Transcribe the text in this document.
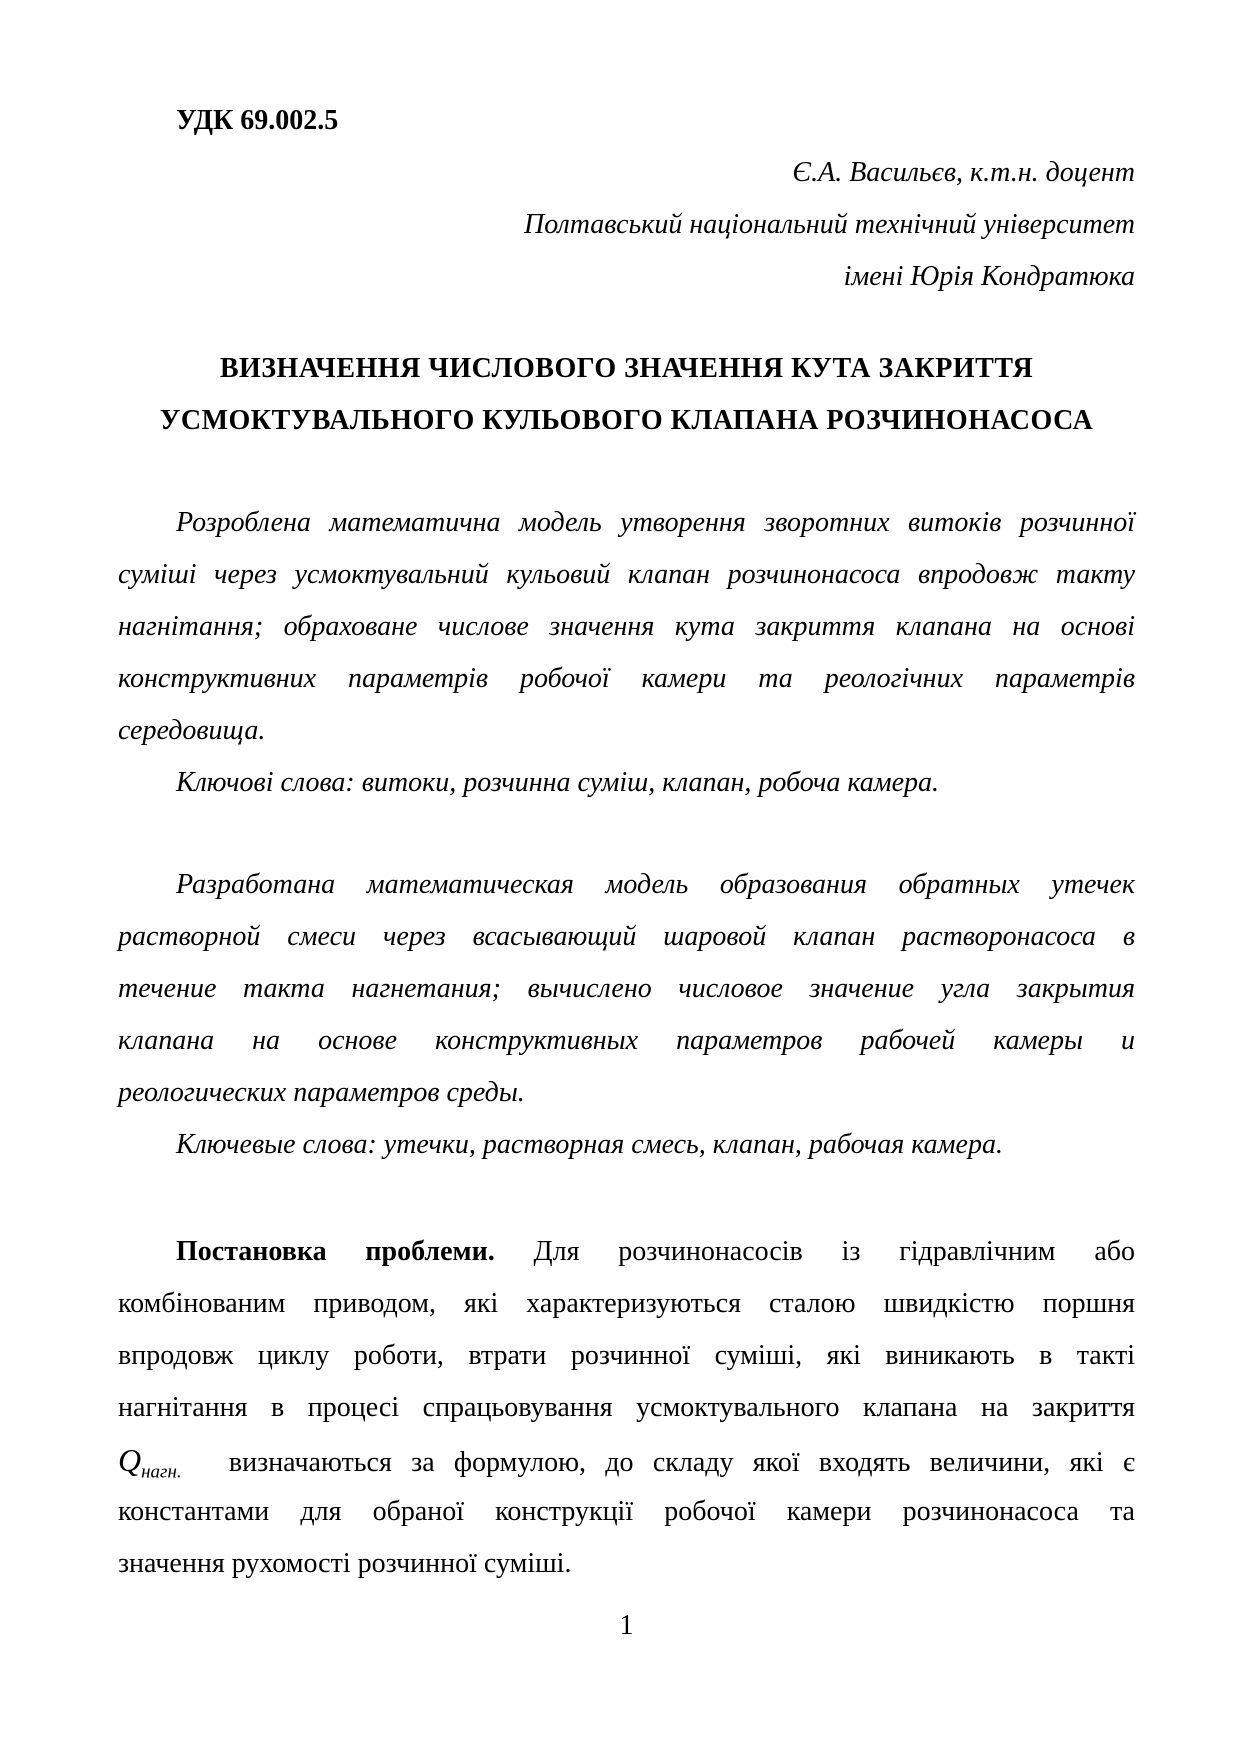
УДК 69.002.5
Є.А. Васильєв, к.т.н. доцент
Полтавський національний технічний університет
імені Юрія Кондратюка
ВИЗНАЧЕННЯ ЧИСЛОВОГО ЗНАЧЕННЯ КУТА ЗАКРИТТЯ
УСМОКТУВАЛЬНОГО КУЛЬОВОГО КЛАПАНА РОЗЧИНОНАСОСА
Розроблена математична модель утворення зворотних витоків розчинної
суміші через усмоктувальний кульовий клапан розчинонасоса впродовж такту
нагнітання; обраховане числове значення кута закриття клапана на основі
конструктивних параметрів робочої камери та реологічних параметрів
середовища.
Ключові слова: витоки, розчинна суміш, клапан, робоча камера.
Разработана математическая модель образования обратных утечек
растворной смеси через всасывающий шаровой клапан растворонасоса в
течение такта нагнетания; вычислено числовое значение угла закрытия
клапана на основе конструктивных параметров рабочей камеры и
реологических параметров среды.
Ключевые слова: утечки, растворная смесь, клапан, рабочая камера.
Постановка проблеми. Для розчинонасосів із гідравлічним або
комбінованим приводом, які характеризуються сталою швидкістю поршня
впродовж циклу роботи, втрати розчинної суміші, які виникають в такті
нагнітання в процесі спрацьовування усмоктувального клапана на закриття
$Q_{нагн.}$ визначаються за формулою, до складу якої входять величини, які є
константами для обраної конструкції робочої камери розчинонасоса та
значення рухомості розчинної суміші.
1
